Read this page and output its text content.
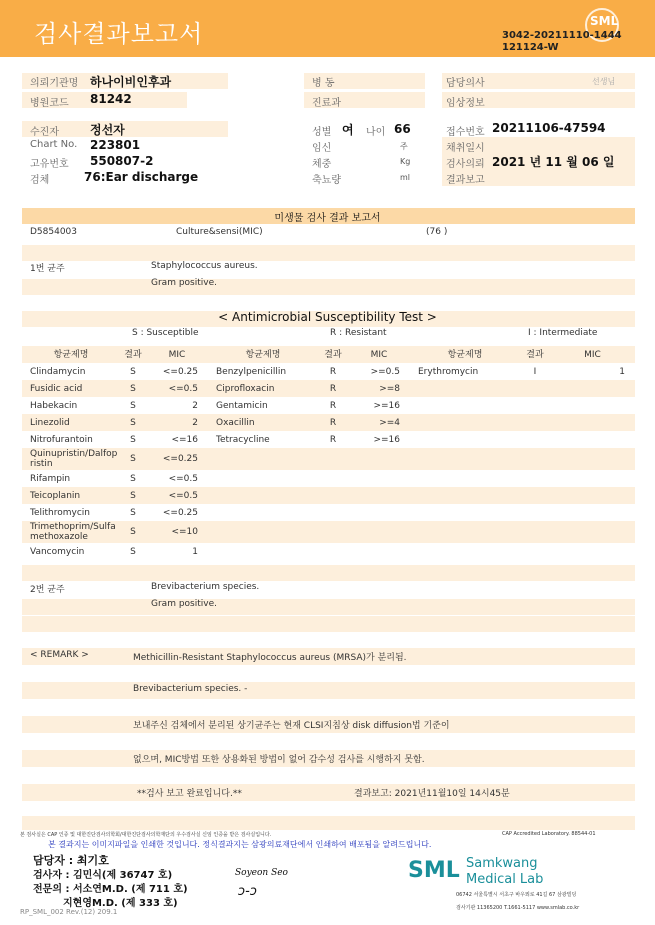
검사결과보고서	SML
3042-20211110-1444
121124-W
의뢰기관명 하나이비인후과
병원코드 81242
병 동
진료과
담당의사	선생님
임상정보
수진자	정선자
Chart No. 223801
고유번호 550807-2
검체	76:Ear discharge
성별 여 나이 66
임신	주
체중	Kg
축뇨량	ml
접수번호 20211106-47594
채취일시
검사의뢰 2021 년 11 월 06 일
결과보고
미생물 검사 결과 보고서
D5854003	Culture&sensi(MIC)	(76 )
1번 균주	Staphylococcus aureus.
Gram positive.
< Antimicrobial Susceptibility Test >
S : Susceptible	R : Resistant	I : Intermediate
항균제명	결과	MIC	항균제명	결과	MIC	항균제명	결과	MIC
Clindamycin	S	<=0.25	Benzylpenicillin	R	>=0.5	Erythromycin	I	1
Fusidic acid	S	<=0.5	Ciprofloxacin	R	>=8			
Habekacin	S	2	Gentamicin	R	>=16			
Linezolid	S	2	Oxacillin	R	>=4			
Nitrofurantoin	S	<=16	Tetracycline	R	>=16			
Quinupristin/Dalfopristin	S	<=0.25						
Rifampin	S	<=0.5						
Teicoplanin	S	<=0.5						
Telithromycin	S	<=0.25						
Trimethoprim/Sulfamethoxazole	S	<=10						
Vancomycin	S	1						
2번 균주	Brevibacterium species.
Gram positive.
< REMARK >	Methicillin-Resistant Staphylococcus aureus (MRSA)가 분리됨.
Brevibacterium species. -
보내주신 검체에서 분리된 상기균주는 현재 CLSI지침상 disk diffusion법 기준이
없으며, MIC방법 또한 상용화된 방법이 없어 감수성 검사를 시행하지 못함.
**검사 보고 완료입니다.**	결과보고: 2021년11월10일 14시45분
본 검사실은 CAP 인증 및 대한진단검사의학회/대한진단검사의학재단의 우수검사실 신임 인증을 받은 검사실입니다.	CAP Accredited Laboratory. 88544-01
본 결과지는 이미지파일을 인쇄한 것입니다. 정식결과지는 삼광의료재단에서 인쇄하여 배포됨을 알려드립니다.
담당자 : 최기호
검사자 : 김민식(제 36747 호)
전문의 : 서소연M.D. (제 711 호)
지현영M.D. (제 333 호)
Soyeon Seo
ↄ-ↄ
RP_SML_002 Rev.(12) 209.1
SML Samkwang
Medical Lab
06742 서울특별시 서초구 바우뫼로 41길 67 삼광빌딩
검사기관 11365200 T.1661-5117 www.smlab.co.kr
